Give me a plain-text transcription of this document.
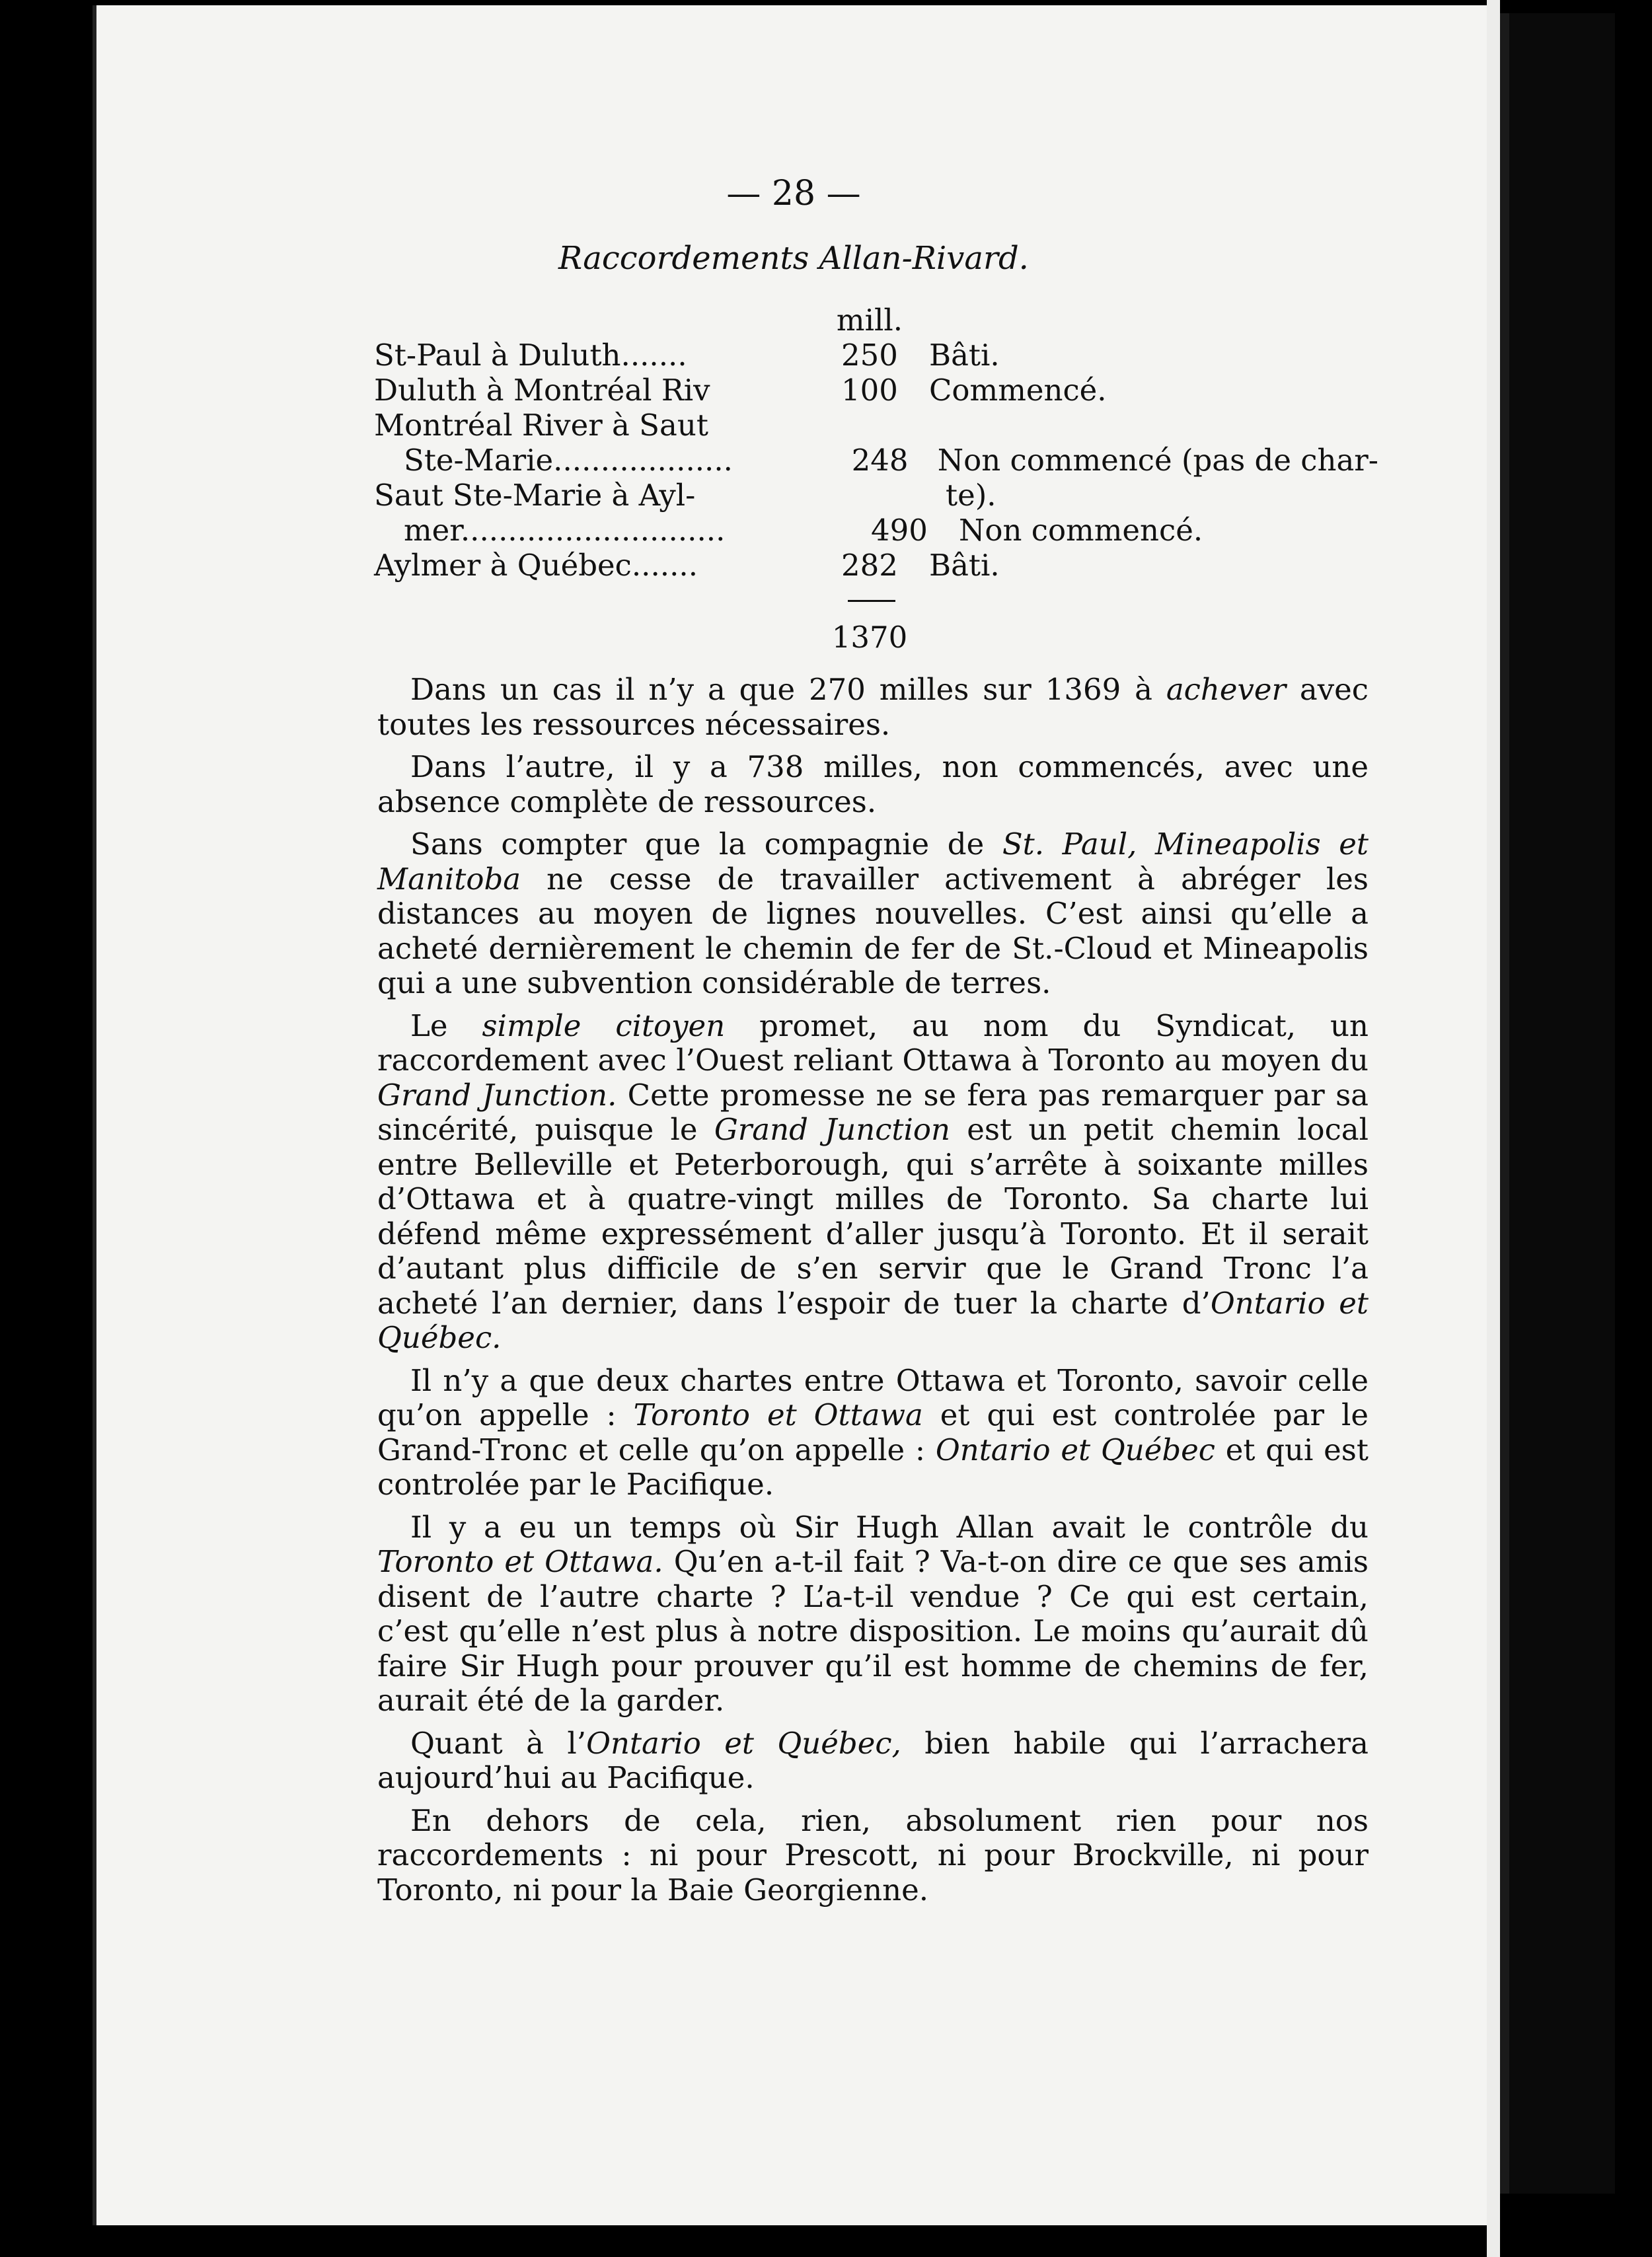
— 28 —
Raccordements Allan-Rivard.
mill.
St-Paul à Duluth.......	250	Bâti.
Duluth à Montréal Riv	100	Commencé.
Montréal River à Saut
Ste-Marie...................	248 Non commencé (pas de char-
Saut Ste-Marie à Ayl-	te).
mer............................	490	Non commencé.
Aylmer à Québec.......	282	Bâti.
1370

Dans un cas il n’y a que 270 milles sur 1369 à achever avec toutes les ressources nécessaires.

Dans l’autre, il y a 738 milles, non commencés, avec une absence complète de ressources.

Sans compter que la compagnie de St. Paul, Mineapolis et Manitoba ne cesse de travailler activement à abréger les distances au moyen de lignes nouvelles. C’est ainsi qu’elle a acheté dernièrement le chemin de fer de St.-Cloud et Mineapolis qui a une subvention considérable de terres.

Le simple citoyen promet, au nom du Syndicat, un raccordement avec l’Ouest reliant Ottawa à Toronto au moyen du Grand Junction. Cette promesse ne se fera pas remarquer par sa sincérité, puisque le Grand Junction est un petit chemin local entre Belleville et Peterborough, qui s’arrête à soixante milles d’Ottawa et à quatre-vingt milles de Toronto. Sa charte lui défend même expressément d’aller jusqu’à Toronto. Et il serait d’autant plus difficile de s’en servir que le Grand Tronc l’a acheté l’an dernier, dans l’espoir de tuer la charte d’Ontario et Québec.

Il n’y a que deux chartes entre Ottawa et Toronto, savoir celle qu’on appelle : Toronto et Ottawa et qui est controlée par le Grand-Tronc et celle qu’on appelle : Ontario et Québec et qui est controlée par le Pacifique.

Il y a eu un temps où Sir Hugh Allan avait le contrôle du Toronto et Ottawa. Qu’en a-t-il fait ? Va-t-on dire ce que ses amis disent de l’autre charte ? L’a-t-il vendue ? Ce qui est certain, c’est qu’elle n’est plus à notre disposition. Le moins qu’aurait dû faire Sir Hugh pour prouver qu’il est homme de chemins de fer, aurait été de la garder.

Quant à l’Ontario et Québec, bien habile qui l’arrachera aujourd’hui au Pacifique.

En dehors de cela, rien, absolument rien pour nos raccordements : ni pour Prescott, ni pour Brockville, ni pour Toronto, ni pour la Baie Georgienne.
